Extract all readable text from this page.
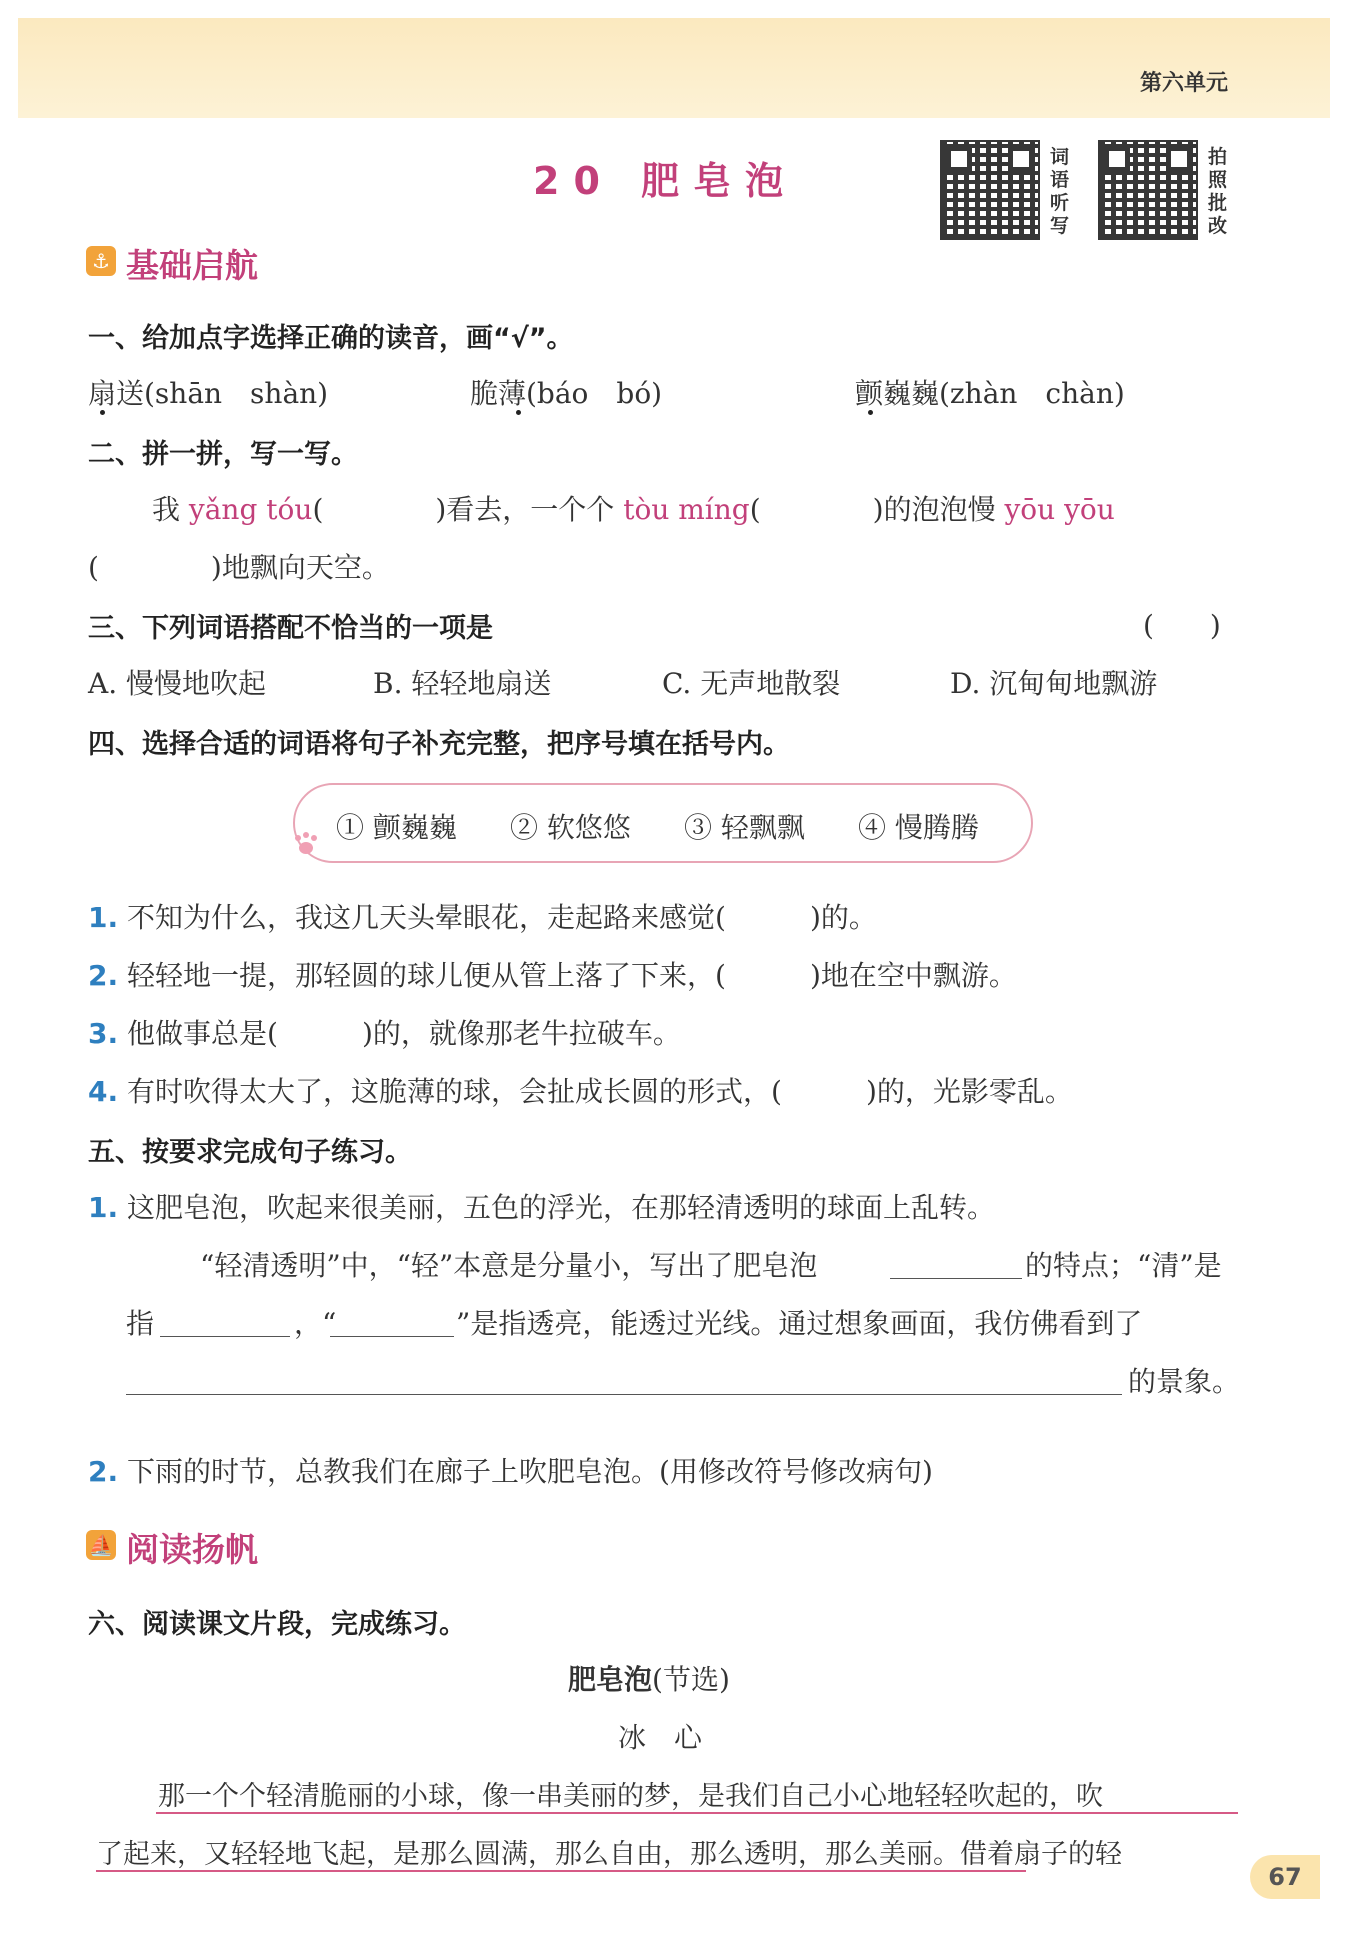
第六单元
20 肥皂泡
词语听写
拍照批改
⚓ 基础启航
一、给加点字选择正确的读音，画“√”。
扇送(shān　shàn)	脆薄(báo　bó)	颤巍巍(zhàn　chàn)
二、拼一拼，写一写。
我 yǎng tóu(　　　　)看去，一个个 tòu míng(　　　　)的泡泡慢 yōu yōu
(　　　　)地飘向天空。
三、下列词语搭配不恰当的一项是	(　　)
A. 慢慢地吹起	B. 轻轻地扇送	C. 无声地散裂	D. 沉甸甸地飘游
四、选择合适的词语将句子补充完整，把序号填在括号内。
① 颤巍巍 ② 软悠悠 ③ 轻飘飘 ④ 慢腾腾
1. 不知为什么，我这几天头晕眼花，走起路来感觉(　　　)的。
2. 轻轻地一提，那轻圆的球儿便从管上落了下来，(　　　)地在空中飘游。
3. 他做事总是(　　　)的，就像那老牛拉破车。
4. 有时吹得太大了，这脆薄的球，会扯成长圆的形式，(　　　)的，光影零乱。
五、按要求完成句子练习。
1. 这肥皂泡，吹起来很美丽，五色的浮光，在那轻清透明的球面上乱转。
“轻清透明”中，“轻”本意是分量小，写出了肥皂泡	的特点；“清”是
指	，“	”是指透亮，能透过光线。通过想象画面，我仿佛看到了
的景象。
2. 下雨的时节，总教我们在廊子上吹肥皂泡。(用修改符号修改病句)
⛵ 阅读扬帆
六、阅读课文片段，完成练习。
肥皂泡(节选)
冰　心
那一个个轻清脆丽的小球，像一串美丽的梦，是我们自己小心地轻轻吹起的，吹
了起来，又轻轻地飞起，是那么圆满，那么自由，那么透明，那么美丽。借着扇子的轻
67
